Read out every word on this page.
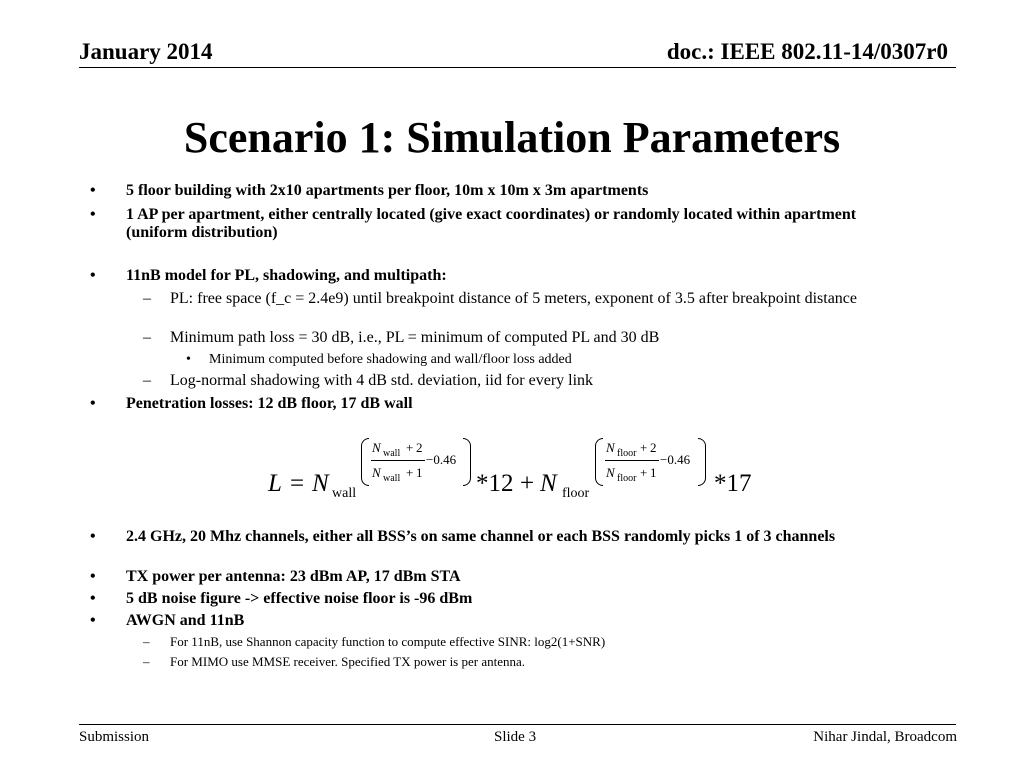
January 2014	doc.: IEEE 802.11-14/0307r0
Scenario 1: Simulation Parameters

• 5 floor building with 2x10 apartments per floor, 10m x 10m x 3m apartments

• 1 AP per apartment, either centrally located (give exact coordinates) or randomly located within apartment (uniform distribution)

• 11nB model for PL, shadowing, and multipath:

– PL: free space (f_c = 2.4e9) until breakpoint distance of 5 meters, exponent of 3.5 after breakpoint distance

– Minimum path loss = 30 dB, i.e., PL = minimum of computed PL and 30 dB

• Minimum computed before shadowing and wall/floor loss added

– Log-normal shadowing with 4 dB std. deviation, iid for every link

• Penetration losses: 12 dB floor, 17 dB wall

L = N wall
N wall + 2
N wall + 1
−0.46
*12 + N floor
N floor + 2
N floor + 1
−0.46
*17

• 2.4 GHz, 20 Mhz channels, either all BSS’s on same channel or each BSS randomly picks 1 of 3 channels

• TX power per antenna: 23 dBm AP, 17 dBm STA

• 5 dB noise figure -> effective noise floor is -96 dBm

• AWGN and 11nB

– For 11nB, use Shannon capacity function to compute effective SINR: log2(1+SNR)

– For MIMO use MMSE receiver. Specified TX power is per antenna.

Submission	Slide 3	Nihar Jindal, Broadcom
